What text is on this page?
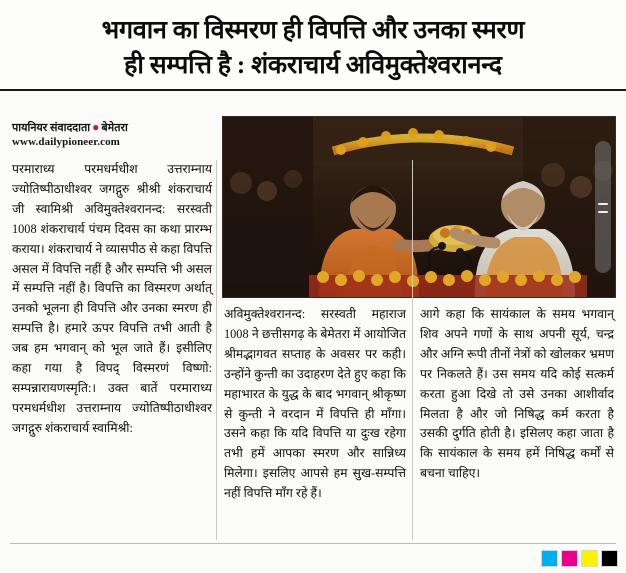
भगवान का विस्मरण ही विपत्ति और उनका स्मरण
ही सम्पत्ति है : शंकराचार्य अविमुक्तेश्वरानन्द
पायनियर संवाददाता ● बेमेतरा
www.dailypioneer.com

परमाराध्य परमधर्मधीश उत्तराम्नाय ज्योतिष्पीठाधीश्वर जगद्गुरु श्रीश्री शंकराचार्य जी स्वामिश्री अविमुक्तेश्वरानन्द: सरस्वती 1008 शंकराचार्य पंचम दिवस का कथा प्रारम्भ कराया। शंकराचार्य ने व्यासपीठ से कहा विपत्ति असल में विपत्ति नहीं है और सम्पत्ति भी असल में सम्पत्ति नहीं है। विपत्ति का विस्मरण अर्थात् उनको भूलना ही विपत्ति और उनका स्मरण ही सम्पत्ति है। हमारे ऊपर विपत्ति तभी आती है जब हम भगवान् को भूल जाते हैं। इसीलिए कहा गया है विपद् विस्मरणं विष्णो: सम्पन्नारायणस्मृति:। उक्त बातें परमाराध्य परमधर्मधीश उत्तराम्नाय ज्योतिष्पीठाधीश्वर जगद्गुरु शंकराचार्य स्वामिश्री:

अविमुक्तेश्वरानन्द: सरस्वती महाराज 1008 ने छत्तीसगढ़ के बेमेतरा में आयोजित श्रीमद्भागवत सप्ताह के अवसर पर कही। उन्होंने कुन्ती का उदाहरण देते हुए कहा कि महाभारत के युद्ध के बाद भगवान् श्रीकृष्ण से कुन्ती ने वरदान में विपत्ति ही माँगा। उसने कहा कि यदि विपत्ति या दुःख रहेगा तभी हमें आपका स्मरण और सान्निध्य मिलेगा। इसलिए आपसे हम सुख-सम्पत्ति नहीं विपत्ति माँग रहे हैं।

आगे कहा कि सायंकाल के समय भगवान् शिव अपने गणों के साथ अपनी सूर्य, चन्द्र और अग्नि रूपी तीनों नेत्रों को खोलकर भ्रमण पर निकलते हैं। उस समय यदि कोई सत्कर्म करता हुआ दिखे तो उसे उनका आशीर्वाद मिलता है और जो निषिद्ध कर्म करता है उसकी दुर्गति होती है। इसिलए कहा जाता है कि सायंकाल के समय हमें निषिद्ध कर्मों से बचना चाहिए।
